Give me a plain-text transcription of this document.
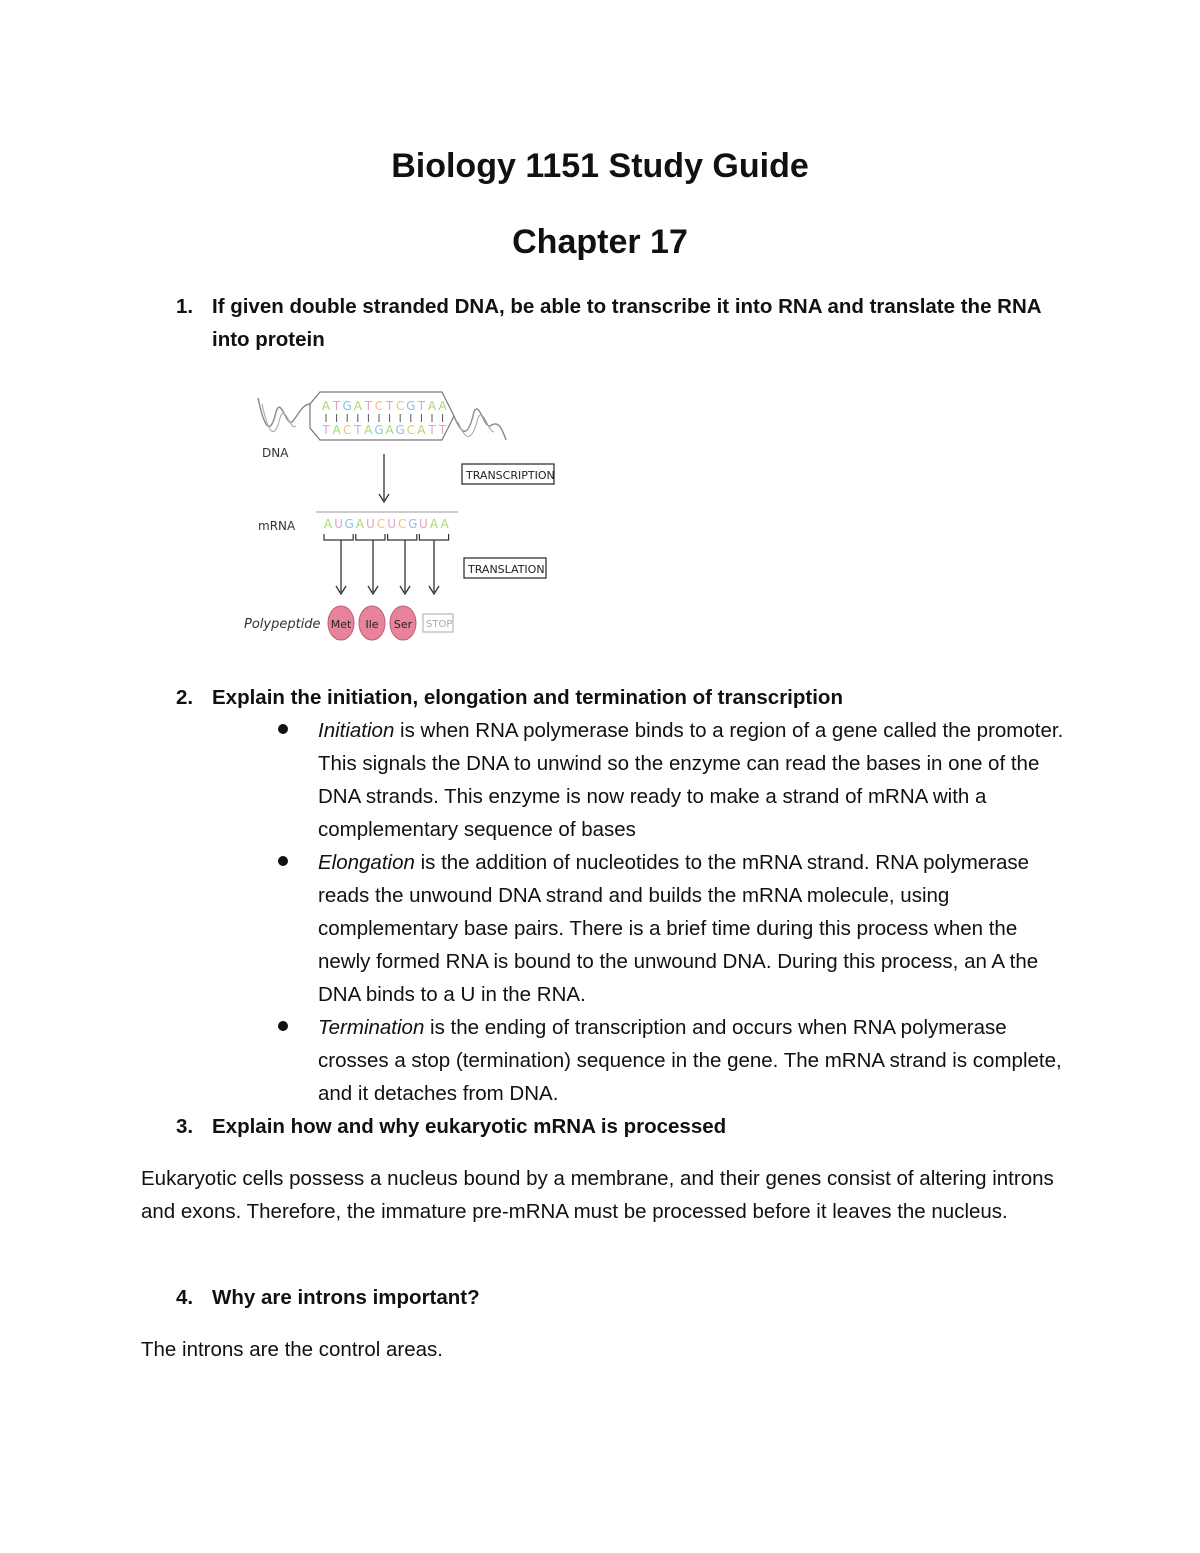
Biology 1151 Study Guide
Chapter 17
1. If given double stranded DNA, be able to transcribe it into RNA and translate the RNA into protein
A T G A T C T C G T A A
T A C T A G A G C A T T
DNA
TRANSCRIPTION
mRNA A U G A U C U C G U A A
TRANSLATION
Polypeptide Met Ile Ser STOP
2. Explain the initiation, elongation and termination of transcription
Initiation is when RNA polymerase binds to a region of a gene called the promoter. This signals the DNA to unwind so the enzyme can read the bases in one of the DNA strands. This enzyme is now ready to make a strand of mRNA with a complementary sequence of bases
Elongation is the addition of nucleotides to the mRNA strand. RNA polymerase reads the unwound DNA strand and builds the mRNA molecule, using complementary base pairs. There is a brief time during this process when the newly formed RNA is bound to the unwound DNA. During this process, an A the DNA binds to a U in the RNA.
Termination is the ending of transcription and occurs when RNA polymerase crosses a stop (termination) sequence in the gene. The mRNA strand is complete, and it detaches from DNA.
3. Explain how and why eukaryotic mRNA is processed
Eukaryotic cells possess a nucleus bound by a membrane, and their genes consist of altering introns and exons. Therefore, the immature pre-mRNA must be processed before it leaves the nucleus.
4. Why are introns important?
The introns are the control areas.
